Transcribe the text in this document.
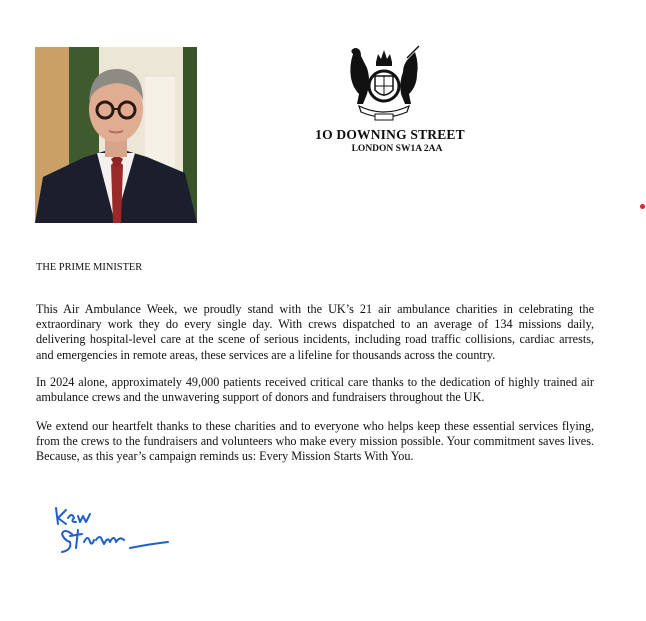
1O DOWNING STREET
LONDON SW1A 2AA
THE PRIME MINISTER
This Air Ambulance Week, we proudly stand with the UK’s 21 air ambulance charities in celebrating the extraordinary work they do every single day. With crews dispatched to an average of 134 missions daily, delivering hospital-level care at the scene of serious incidents, including road traffic collisions, cardiac arrests, and emergencies in remote areas, these services are a lifeline for thousands across the country.
In 2024 alone, approximately 49,000 patients received critical care thanks to the dedication of highly trained air ambulance crews and the unwavering support of donors and fundraisers throughout the UK.
We extend our heartfelt thanks to these charities and to everyone who helps keep these essential services flying, from the crews to the fundraisers and volunteers who make every mission possible. Your commitment saves lives. Because, as this year’s campaign reminds us: Every Mission Starts With You.
